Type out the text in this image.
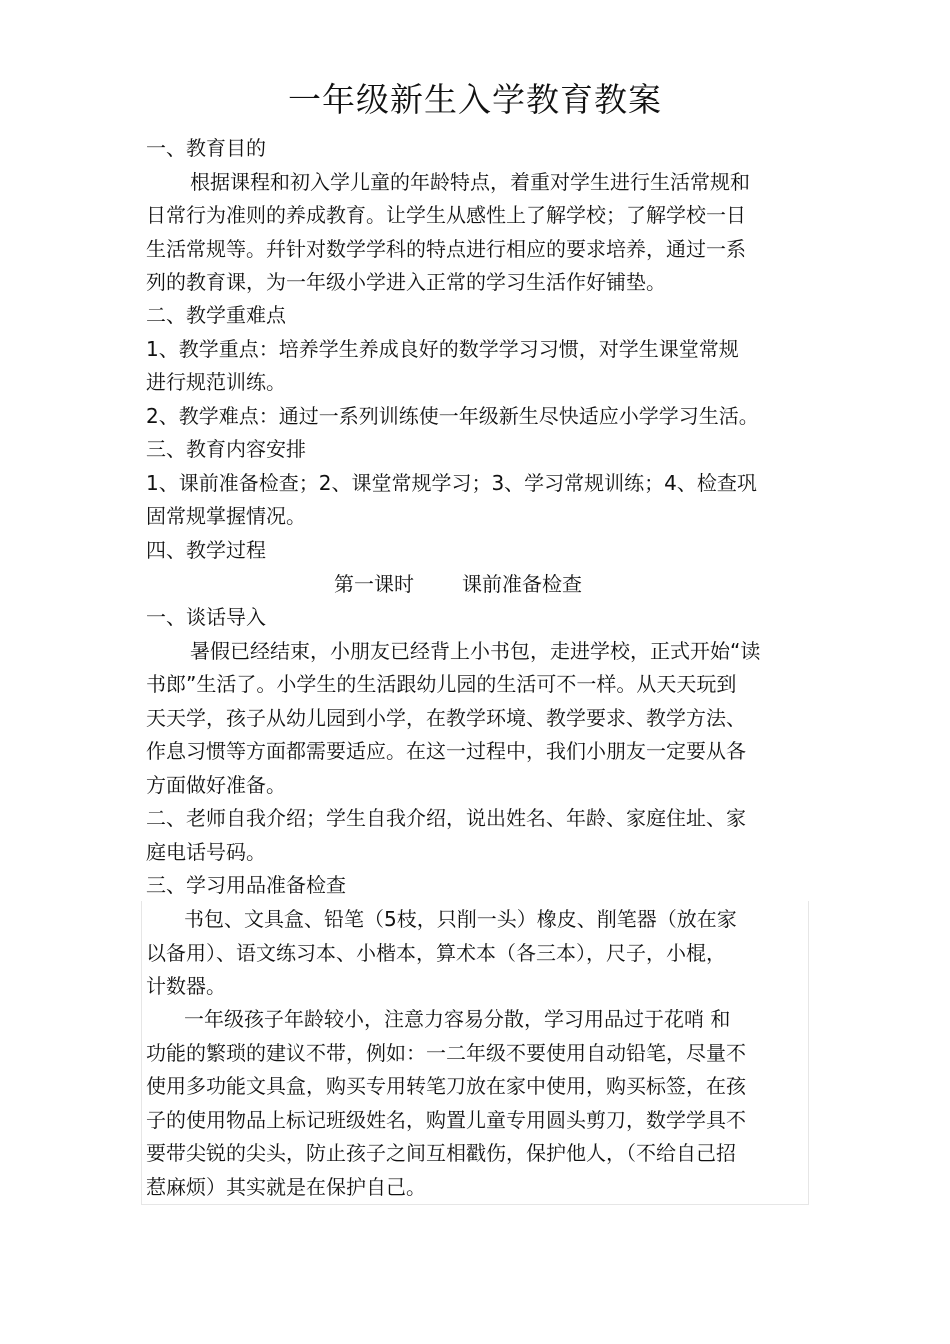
一年级新生入学教育教案
一、教育目的
根据课程和初入学儿童的年龄特点，着重对学生进行生活常规和
日常行为准则的养成教育。让学生从感性上了解学校；了解学校一日
生活常规等。幷针对数学学科的特点进行相应的要求培养，通过一系
列的教育课，为一年级小学进入正常的学习生活作好铺垫。
二、教学重难点
1、教学重点：培养学生养成良好的数学学习习惯，对学生课堂常规
进行规范训练。
2、教学难点：通过一系列训练使一年级新生尽快适应小学学习生活。
三、教育内容安排
1、课前准备检查；2、课堂常规学习；3、学习常规训练；4、检查巩
固常规掌握情况。
四、教学过程
第一课时 课前准备检查
一、谈话导入
暑假已经结束，小朋友已经背上小书包，走进学校，正式开始“读
书郎”生活了。小学生的生活跟幼儿园的生活可不一样。从天天玩到
天天学，孩子从幼儿园到小学，在教学环境、教学要求、教学方法、
作息习惯等方面都需要适应。在这一过程中，我们小朋友一定要从各
方面做好准备。
二、老师自我介绍；学生自我介绍，说出姓名、年龄、家庭住址、家
庭电话号码。
三、学习用品准备检查
书包、文具盒、铅笔（5枝，只削一头）橡皮、削笔器（放在家
以备用）、语文练习本、小楷本，算术本（各三本），尺子，小棍，
计数器。
一年级孩子年龄较小，注意力容易分散，学习用品过于花哨 和
功能的繁琐的建议不带，例如：一二年级不要使用自动铅笔，尽量不
使用多功能文具盒，购买专用转笔刀放在家中使用，购买标签，在孩
子的使用物品上标记班级姓名，购置儿童专用圆头剪刀，数学学具不
要带尖锐的尖头，防止孩子之间互相戳伤，保护他人，（不给自己招
惹麻烦）其实就是在保护自己。
